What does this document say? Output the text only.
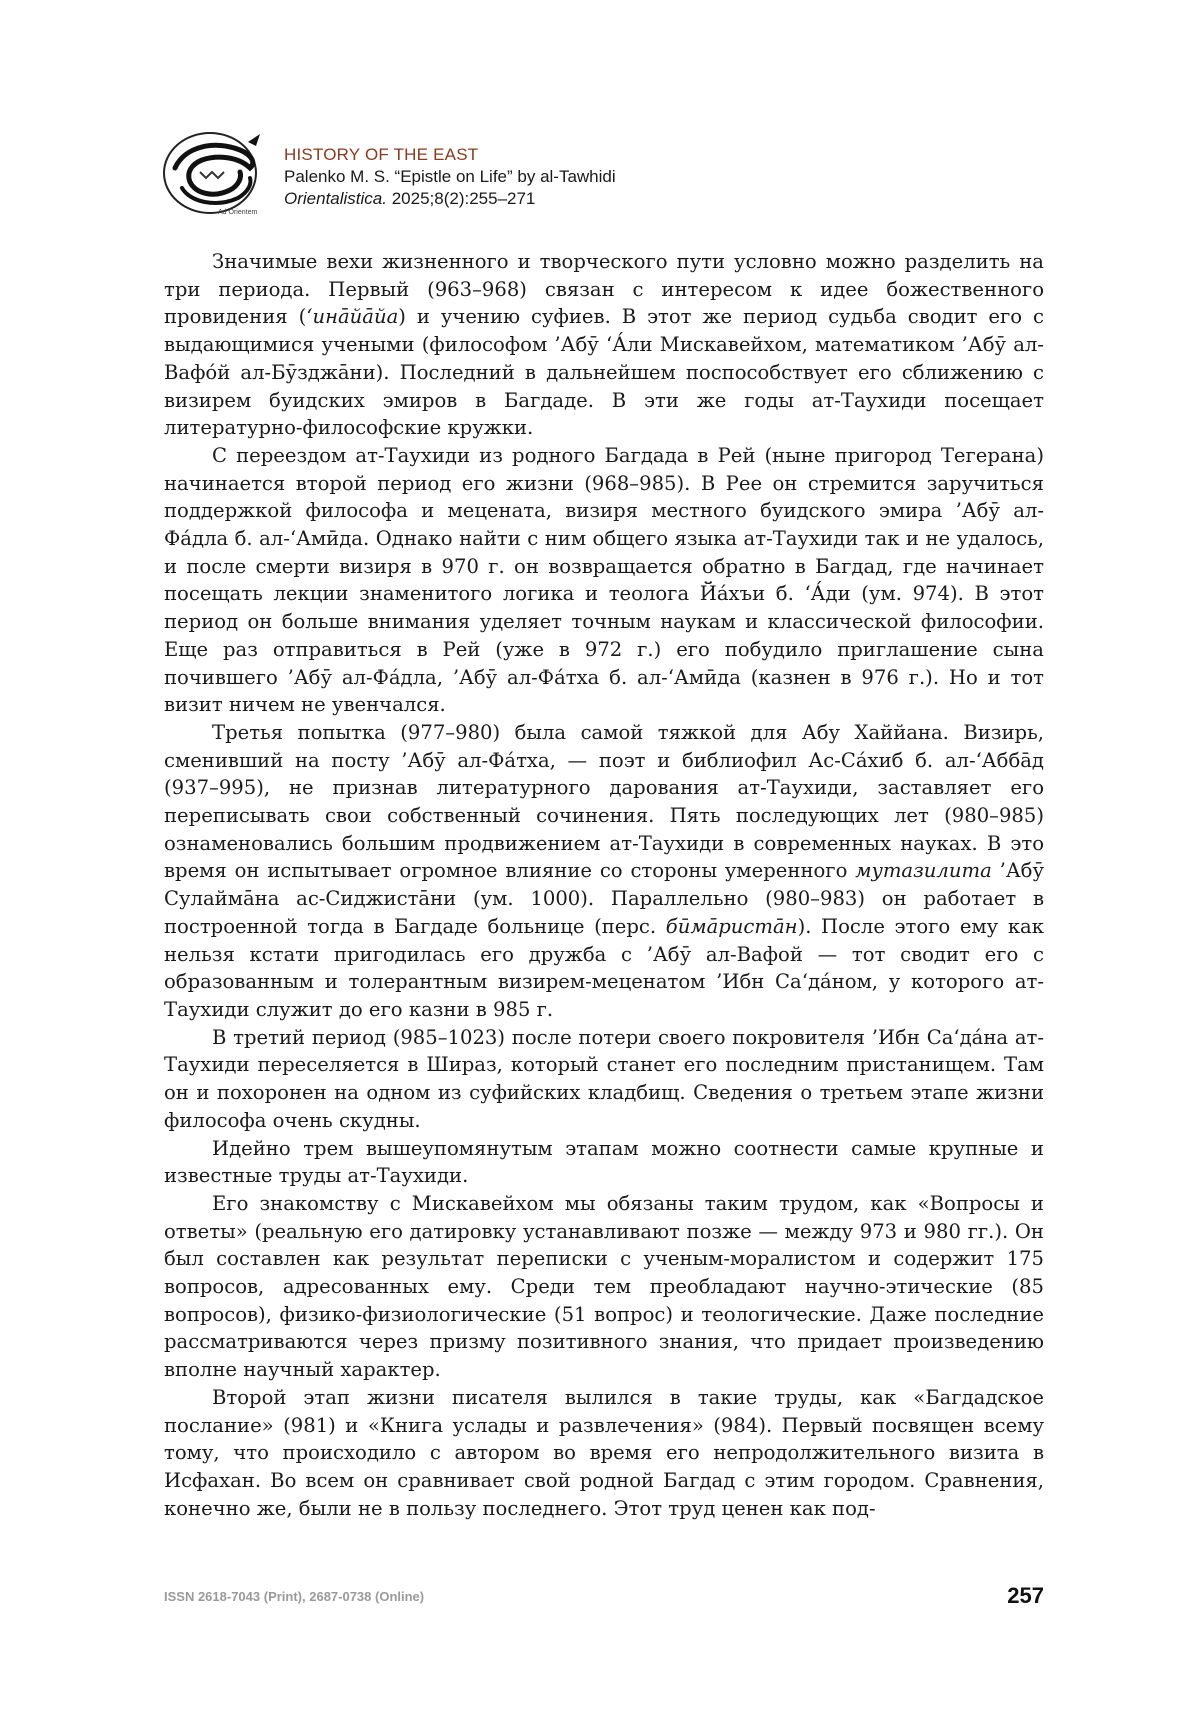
Ad Orientem
HISTORY OF THE EAST
Palenko M. S. “Epistle on Life” by al-Tawhidi
Orientalistica. 2025;8(2):255–271

Значимые вехи жизненного и творческого пути условно можно разделить на три периода. Первый (963–968) связан с интересом к идее божественного провидения (‘ина̄йа̄йа) и учению суфиев. В этот же период судьба сводит его с выдающимися учеными (философом ’Абӯ ‘А́ли Мискавейхом, математиком ’Абӯ ал-Вафо́й ал-Бӯзджа̄ни). Последний в дальнейшем поспособствует его сближению с визирем буидских эмиров в Багдаде. В эти же годы ат-Таухиди посещает литературно-философские кружки.

С переездом ат-Таухиди из родного Багдада в Рей (ныне пригород Тегерана) начинается второй период его жизни (968–985). В Рее он стремится заручиться поддержкой философа и мецената, визиря местного буидского эмира ’Абӯ ал-Фа́дла б. ал-‘Амӣда. Однако найти с ним общего языка ат-Таухиди так и не удалось, и после смерти визиря в 970 г. он возвращается обратно в Багдад, где начинает посещать лекции знаменитого логика и теолога Йа́хъи б. ‘А́ди (ум. 974). В этот период он больше внимания уделяет точным наукам и классической философии. Еще раз отправиться в Рей (уже в 972 г.) его побудило приглашение сына почившего ’Абӯ ал-Фа́дла, ’Абӯ ал-Фа́тха б. ал-‘Амӣда (казнен в 976 г.). Но и тот визит ничем не увенчался.

Третья попытка (977–980) была самой тяжкой для Абу Хаййана. Визирь, сменивший на посту ’Абӯ ал-Фа́тха, — поэт и библиофил Ас-Са́хиб б. ал-‘Аббāд (937–995), не признав литературного дарования ат-Таухиди, заставляет его переписывать свои собственный сочинения. Пять последующих лет (980–985) ознаменовались большим продвижением ат-Таухиди в современных науках. В это время он испытывает огромное влияние со стороны умеренного мутазилита ’Абӯ Сулайма̄на ас-Сиджиста̄ни (ум. 1000). Параллельно (980–983) он работает в построенной тогда в Багдаде больнице (перс. бӣма̄ристāн). После этого ему как нельзя кстати пригодилась его дружба с ’Абӯ ал-Вафой — тот сводит его с образованным и толерантным визирем-меценатом ’Ибн Са‘да́ном, у которого ат-Таухиди служит до его казни в 985 г.

В третий период (985–1023) после потери своего покровителя ’Ибн Са‘да́на ат-Таухиди переселяется в Шираз, который станет его последним пристанищем. Там он и похоронен на одном из суфийских кладбищ. Сведения о третьем этапе жизни философа очень скудны.

Идейно трем вышеупомянутым этапам можно соотнести самые крупные и известные труды ат-Таухиди.

Его знакомству с Мискавейхом мы обязаны таким трудом, как «Вопросы и ответы» (реальную его датировку устанавливают позже — между 973 и 980 гг.). Он был составлен как результат переписки с ученым-моралистом и содержит 175 вопросов, адресованных ему. Среди тем преобладают научно-этические (85 вопросов), физико-физиологические (51 вопрос) и теологические. Даже последние рассматриваются через призму позитивного знания, что придает произведению вполне научный характер.

Второй этап жизни писателя вылился в такие труды, как «Багдадское послание» (981) и «Книга услады и развлечения» (984). Первый посвящен всему тому, что происходило с автором во время его непродолжительного визита в Исфахан. Во всем он сравнивает свой родной Багдад с этим городом. Сравнения, конечно же, были не в пользу последнего. Этот труд ценен как под-

ISSN 2618-7043 (Print), 2687-0738 (Online)	257
